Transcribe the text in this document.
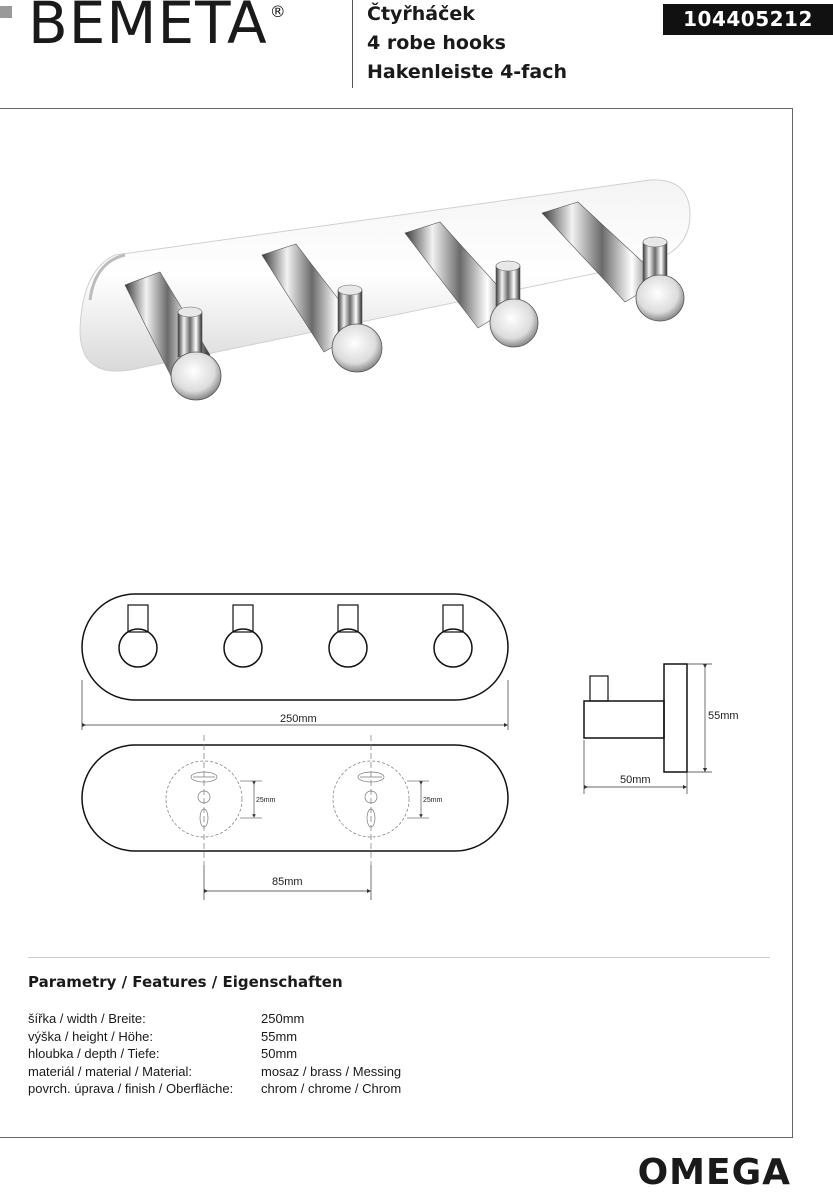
BEMETA ®	Čtyřháček
4 robe hooks
Hakenleiste 4-fach
104405212
250mm
25mm	25mm
85mm
55mm
50mm
Parametry / Features / Eigenschaften
šířka / width / Breite:	250mm
výška / height / Höhe:	55mm
hloubka / depth / Tiefe:	50mm
materiál / material / Material:	mosaz / brass / Messing
povrch. úprava / finish / Oberfläche:	chrom / chrome / Chrom
OMEGA
